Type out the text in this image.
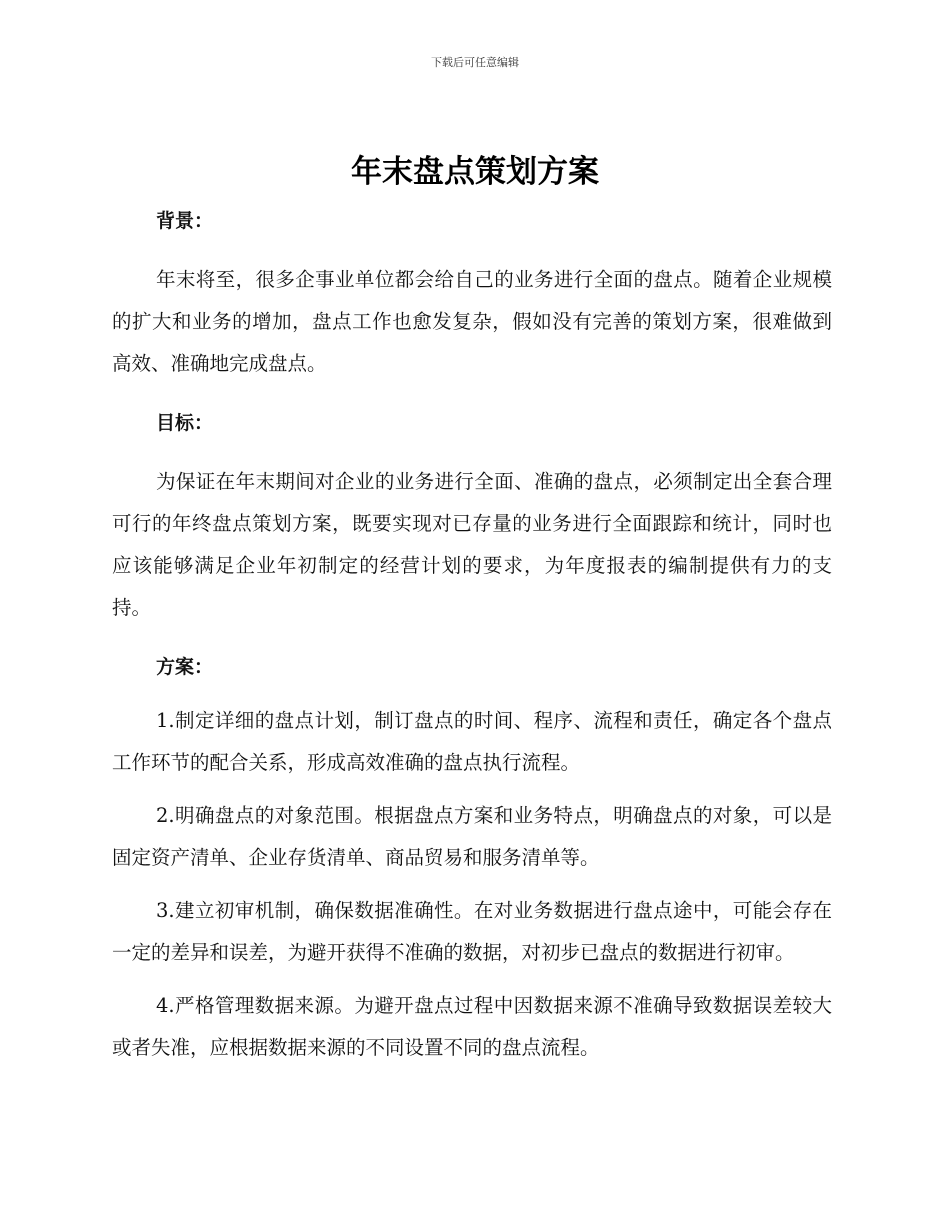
下载后可任意编辑
年末盘点策划方案

背景：

年末将至，很多企事业单位都会给自己的业务进行全面的盘点。随着企业规模的扩大和业务的增加，盘点工作也愈发复杂，假如没有完善的策划方案，很难做到高效、准确地完成盘点。

目标：

为保证在年末期间对企业的业务进行全面、准确的盘点，必须制定出全套合理可行的年终盘点策划方案，既要实现对已存量的业务进行全面跟踪和统计，同时也应该能够满足企业年初制定的经营计划的要求，为年度报表的编制提供有力的支持。

方案：

1.制定详细的盘点计划，制订盘点的时间、程序、流程和责任，确定各个盘点工作环节的配合关系，形成高效准确的盘点执行流程。

2.明确盘点的对象范围。根据盘点方案和业务特点，明确盘点的对象，可以是固定资产清单、企业存货清单、商品贸易和服务清单等。

3.建立初审机制，确保数据准确性。在对业务数据进行盘点途中，可能会存在一定的差异和误差，为避开获得不准确的数据，对初步已盘点的数据进行初审。

4.严格管理数据来源。为避开盘点过程中因数据来源不准确导致数据误差较大或者失准，应根据数据来源的不同设置不同的盘点流程。
